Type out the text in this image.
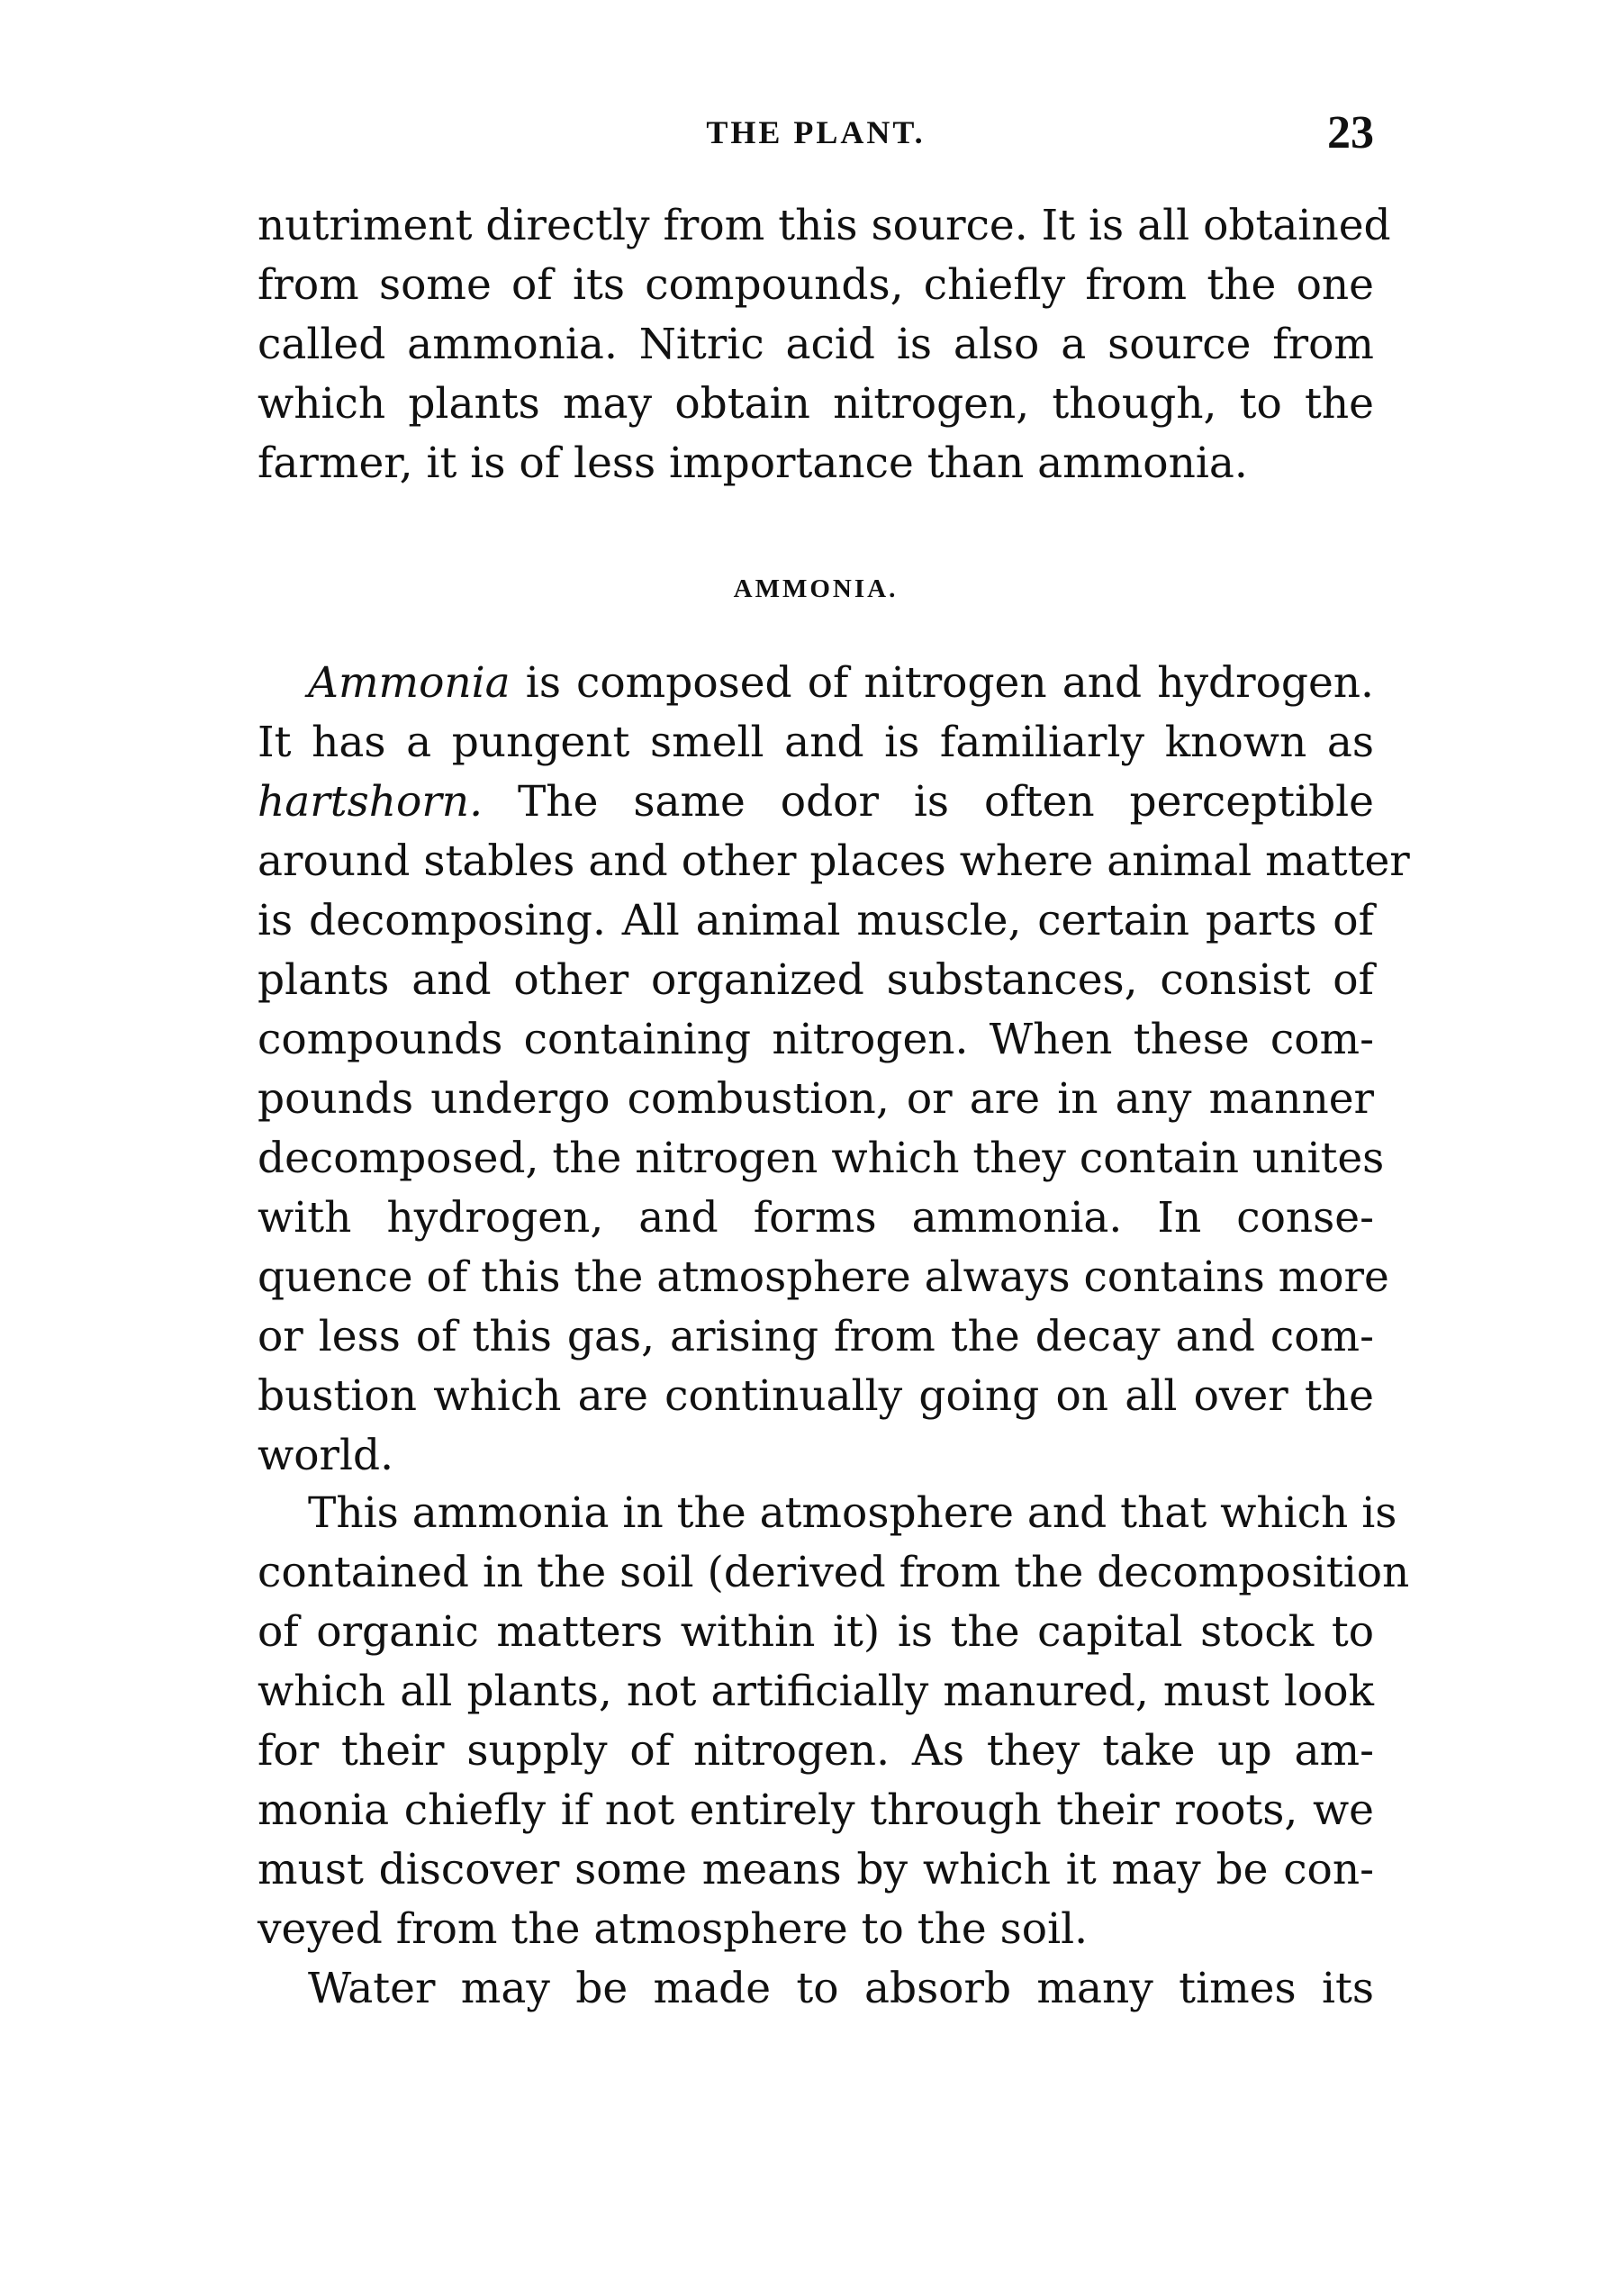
THE PLANT.	23
nutriment directly from this source. It is all obtained
from some of its compounds, chiefly from the one
called ammonia. Nitric acid is also a source from
which plants may obtain nitrogen, though, to the
farmer, it is of less importance than ammonia.
AMMONIA.
Ammonia is composed of nitrogen and hydrogen.
It has a pungent smell and is familiarly known as
hartshorn. The same odor is often perceptible
around stables and other places where animal matter
is decomposing. All animal muscle, certain parts of
plants and other organized substances, consist of
compounds containing nitrogen. When these com-
pounds undergo combustion, or are in any manner
decomposed, the nitrogen which they contain unites
with hydrogen, and forms ammonia. In conse-
quence of this the atmosphere always contains more
or less of this gas, arising from the decay and com-
bustion which are continually going on all over the
world.
This ammonia in the atmosphere and that which is
contained in the soil (derived from the decomposition
of organic matters within it) is the capital stock to
which all plants, not artificially manured, must look
for their supply of nitrogen. As they take up am-
monia chiefly if not entirely through their roots, we
must discover some means by which it may be con-
veyed from the atmosphere to the soil.
Water may be made to absorb many times its
